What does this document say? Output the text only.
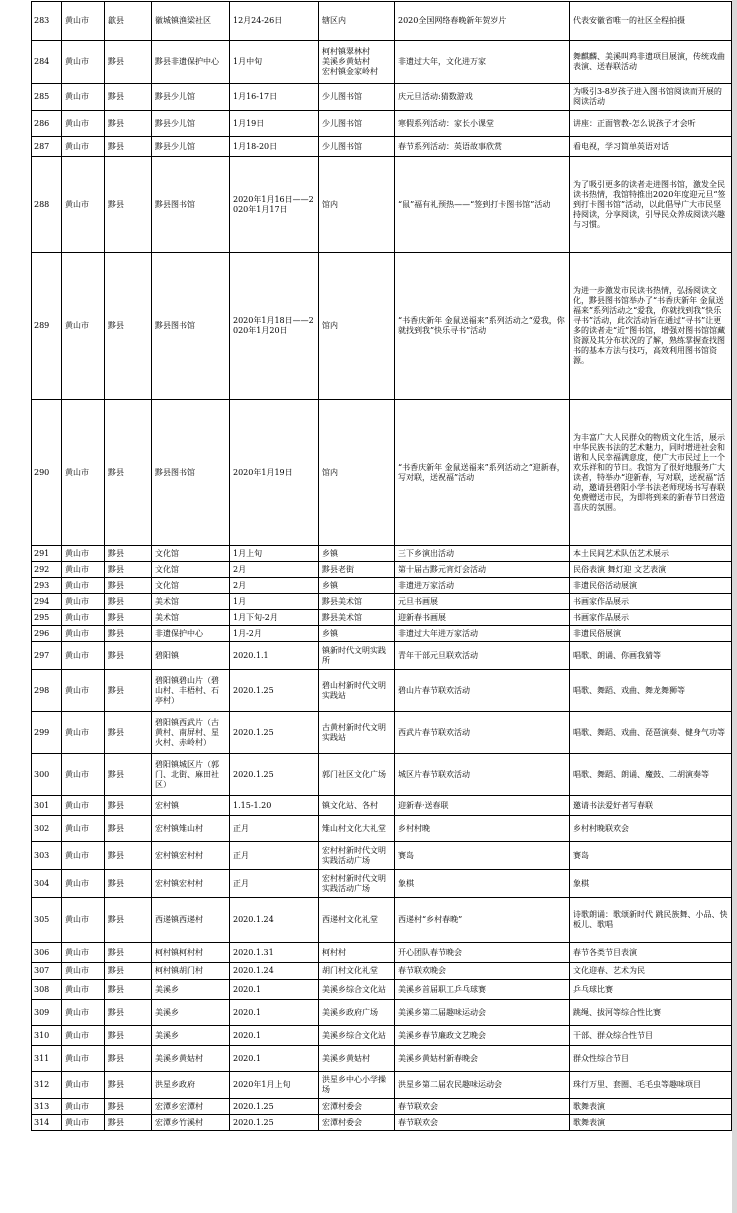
283	黄山市	歙县	徽城镇渔梁社区	12月24-26日	辖区内	2020全国网络春晚新年贺岁片	代表安徽省唯一的社区全程拍摄
284	黄山市	黟县	黟县非遗保护中心	1月中旬	柯村镇翠林村
美溪乡黄姑村
宏村镇金家岭村	非遗过大年，文化进万家	舞麒麟、美溪叫鸡非遗项目展演，传统戏曲表演、送春联活动
285	黄山市	黟县	黟县少儿馆	1月16-17日	少儿图书馆	庆元旦活动:猜数游戏	为吸引3-8岁孩子进入图书馆阅读而开展的阅读活动
286	黄山市	黟县	黟县少儿馆	1月19日	少儿图书馆	寒假系列活动：家长小课堂	讲座：正面管教-怎么说孩子才会听
287	黄山市	黟县	黟县少儿馆	1月18-20日	少儿图书馆	春节系列活动：英语故事欣赏	看电视，学习简单英语对话
288	黄山市	黟县	黟县图书馆	2020年1月16日——2020年1月17日	馆内	“鼠”福有礼预热——“签到打卡图书馆”活动	为了吸引更多的读者走进图书馆，激发全民读书热情，我馆特推出2020年度迎元旦“签到打卡图书馆”活动，以此倡导广大市民坚持阅读，分享阅读，引导民众养成阅读兴趣与习惯。
289	黄山市	黟县	黟县图书馆	2020年1月18日——2020年1月20日	馆内	“书香庆新年 金鼠送福来”系列活动之“爱我，你就找到我”快乐寻书”活动	为进一步激发市民读书热情，弘扬阅读文化，黟县图书馆举办了“书香庆新年 金鼠送福来”系列活动之“爱我，你就找到我”快乐寻书”活动，此次活动旨在通过“寻书”让更多的读者走“近”图书馆，增强对图书馆馆藏资源及其分布状况的了解，熟练掌握查找图书的基本方法与技巧，高效利用图书馆资源。
290	黄山市	黟县	黟县图书馆	2020年1月19日	馆内	“书香庆新年 金鼠送福来”系列活动之“迎新春，写对联，送祝福”活动	为丰富广大人民群众的物质文化生活，展示中华民族书法的艺术魅力，同时增进社会和谐和人民幸福满意度，使广大市民过上一个欢乐祥和的节日。我馆为了很好地服务广大读者，特举办“迎新春，写对联，送祝福”活动，邀请县碧阳小学书法老师现场书写春联免费赠送市民，为即将到来的新春节日营造喜庆的氛围。
291	黄山市	黟县	文化馆	1月上旬	乡镇	三下乡演出活动	本土民间艺术队伍艺术展示
292	黄山市	黟县	文化馆	2月	黟县老街	第十届古黟元宵灯会活动	民俗表演 舞灯迎 文艺表演
293	黄山市	黟县	文化馆	2月	乡镇	非遗进万家活动	非遗民俗活动展演
294	黄山市	黟县	美术馆	1月	黟县美术馆	元旦书画展	书画家作品展示
295	黄山市	黟县	美术馆	1月下旬-2月	黟县美术馆	迎新春书画展	书画家作品展示
296	黄山市	黟县	非遗保护中心	1月-2月	乡镇	非遗过大年进万家活动	非遗民俗展演
297	黄山市	黟县	碧阳镇	2020.1.1	镇新时代文明实践所	青年干部元旦联欢活动	唱歌、朗诵、你画我猜等
298	黄山市	黟县	碧阳镇碧山片（碧山村、丰梧村、石亭村）	2020.1.25	碧山村新时代文明实践站	碧山片春节联欢活动	唱歌、舞蹈、戏曲、舞龙舞狮等
299	黄山市	黟县	碧阳镇西武片（古黄村、南屏村、星火村、赤岭村）	2020.1.25	古黄村新时代文明实践站	西武片春节联欢活动	唱歌、舞蹈、戏曲、琵琶演奏、健身气功等
300	黄山市	黟县	碧阳镇城区片（郭门、北街、麻田社区）	2020.1.25	郭门社区文化广场	城区片春节联欢活动	唱歌、舞蹈、朗诵、魔鼓、二胡演奏等
301	黄山市	黟县	宏村镇	1.15-1.20	镇文化站、各村	迎新春·送春联	邀请书法爱好者写春联
302	黄山市	黟县	宏村镇雉山村	正月	雉山村文化大礼堂	乡村村晚	乡村村晚联欢会
303	黄山市	黟县	宏村镇宏村村	正月	宏村村新时代文明实践活动广场	赛岛	赛岛
304	黄山市	黟县	宏村镇宏村村	正月	宏村村新时代文明实践活动广场	象棋	象棋
305	黄山市	黟县	西递镇西递村	2020.1.24	西递村文化礼堂	西递村“乡村春晚”	诗歌朗诵：歌颂新时代 跳民族舞、小品、快板儿、歌唱
306	黄山市	黟县	柯村镇柯村村	2020.1.31	柯村村	开心团队春节晚会	春节各类节目表演
307	黄山市	黟县	柯村镇胡门村	2020.1.24	胡门村文化礼堂	春节联欢晚会	文化迎春、艺术为民
308	黄山市	黟县	美溪乡	2020.1	美溪乡综合文化站	美溪乡首届职工乒乓球赛	乒乓球比赛
309	黄山市	黟县	美溪乡	2020.1	美溪乡政府广场	美溪乡第二届趣味运动会	跳绳、拔河等综合性比赛
310	黄山市	黟县	美溪乡	2020.1	美溪乡综合文化站	美溪乡春节廉政文艺晚会	干部、群众综合性节目
311	黄山市	黟县	美溪乡黄姑村	2020.1	美溪乡黄姑村	美溪乡黄姑村新春晚会	群众性综合节目
312	黄山市	黟县	洪星乡政府	2020年1月上旬	洪星乡中心小学操场	洪星乡第二届农民趣味运动会	珠行万里、套圈、毛毛虫等趣味项目
313	黄山市	黟县	宏潭乡宏潭村	2020.1.25	宏潭村委会	春节联欢会	歌舞表演
314	黄山市	黟县	宏潭乡竹溪村	2020.1.25	宏潭村委会	春节联欢会	歌舞表演
